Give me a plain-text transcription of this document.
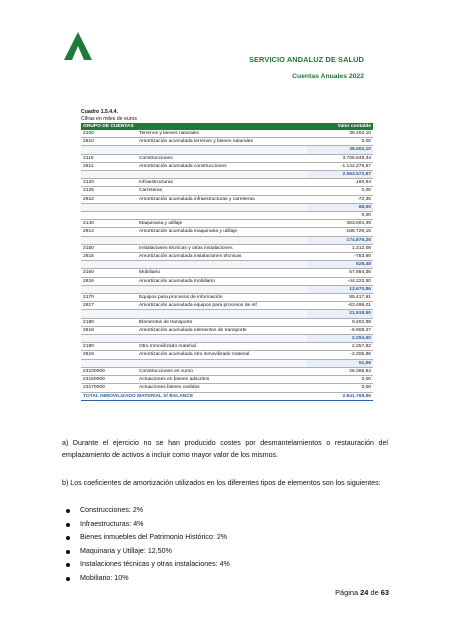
SERVICIO ANDALUZ DE SALUD
Cuentas Anuales 2022
Cuadro 1.5.4.4.
Cifras en miles de euros
GRUPO DE CUENTAS		Valor contable
2100	Terrenos y bienes naturales	38.402,10
2810	Amortización acumulada terrenos y bienes naturales	0,00
		38.402,10
2110	Construcciones	3.705.849,34
2811	Amortización acumulada construcciones	-1.142.276,67
		2.563.572,67
2120	Infraestructuras	160,94
2125	Carreteras	0,00
2812	Amortización acumulada infraestructuras y carreteras	-72,35
		88,59
		0,00
2140	Maquinaria y utillaje	363.604,39
2814	Amortización acumulada maquinaria y utillaje	-188.729,15
		174.875,25
2150	Instalaciones técnicas y otras instalaciones	1.312,08
2815	Amortización acumulada instalaciones técnicas	-783,60
		528,48
2160	Mobiliario	57.894,36
2816	Amortización acumulada mobiliario	-44.223,50
		13.670,86
2170	Equipos para procesos de información	85.417,91
2817	Amortización acumulada equipos para procesos de inf	-63.499,01
		21.918,90
2180	Elementos de transporte	9.202,88
2818	Amortización acumulada elementos de transporte	-6.908,27
		2.294,60
2190	Otro Inmovilizado material	2.257,82
2819	Amortización acumulada otro inmovilizado material	-2.205,86
		51,96
23100000	Construcciones en curso	26.365,54
23160000	Actuaciones en bienes adscritos	0,00
23170000	Actuaciones bienes cedidos	0,00
TOTAL INMOVILIZADO MATERIAL S/ BALANCE		2.841.768,95
a) Durante el ejercicio no se han producido costes por desmantelamientos o restauración del emplazamiento de activos a incluir como mayor valor de los mismos.
b) Los coeficientes de amortización utilizados en los diferentes tipos de elementos son los siguientes:
Construcciones: 2%
Infraestructuras: 4%
Bienes inmuebles del Patrimonio Histórico: 2%
Maquinaria y Utillaje: 12,50%
Instalaciones técnicas y otras instalaciones: 4%
Mobiliario: 10%
Página 24 de 63
